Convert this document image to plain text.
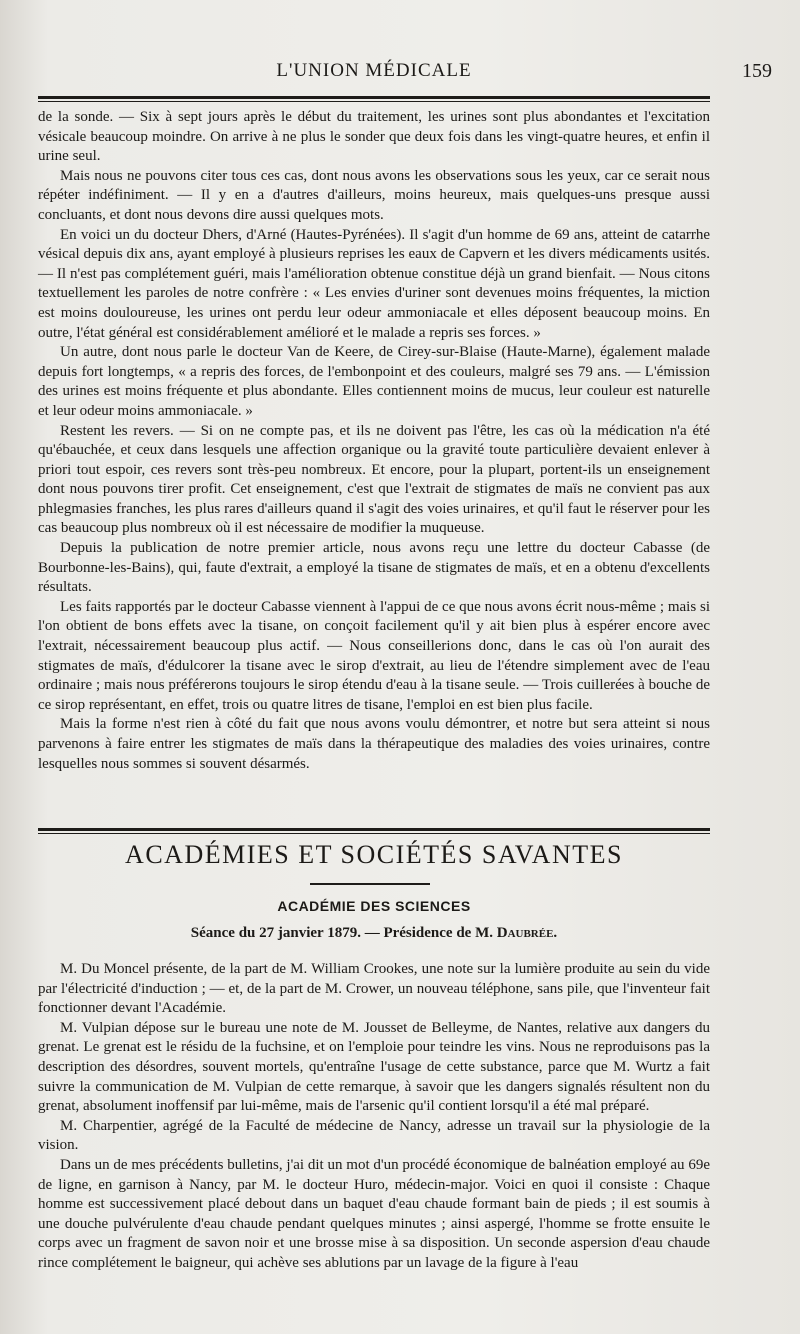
L'UNION MÉDICALE	159

de la sonde. — Six à sept jours après le début du traitement, les urines sont plus abondantes et l'excitation vésicale beaucoup moindre. On arrive à ne plus le sonder que deux fois dans les vingt-quatre heures, et enfin il urine seul.

Mais nous ne pouvons citer tous ces cas, dont nous avons les observations sous les yeux, car ce serait nous répéter indéfiniment. — Il y en a d'autres d'ailleurs, moins heureux, mais quelques-uns presque aussi concluants, et dont nous devons dire aussi quelques mots.

En voici un du docteur Dhers, d'Arné (Hautes-Pyrénées). Il s'agit d'un homme de 69 ans, atteint de catarrhe vésical depuis dix ans, ayant employé à plusieurs reprises les eaux de Capvern et les divers médicaments usités. — Il n'est pas complétement guéri, mais l'amélioration obtenue constitue déjà un grand bienfait. — Nous citons textuellement les paroles de notre confrère : « Les envies d'uriner sont devenues moins fréquentes, la miction est moins douloureuse, les urines ont perdu leur odeur ammoniacale et elles déposent beaucoup moins. En outre, l'état général est considérablement amélioré et le malade a repris ses forces. »

Un autre, dont nous parle le docteur Van de Keere, de Cirey-sur-Blaise (Haute-Marne), également malade depuis fort longtemps, « a repris des forces, de l'embonpoint et des couleurs, malgré ses 79 ans. — L'émission des urines est moins fréquente et plus abondante. Elles contiennent moins de mucus, leur couleur est naturelle et leur odeur moins ammoniacale. »

Restent les revers. — Si on ne compte pas, et ils ne doivent pas l'être, les cas où la médication n'a été qu'ébauchée, et ceux dans lesquels une affection organique ou la gravité toute particulière devaient enlever à priori tout espoir, ces revers sont très-peu nombreux. Et encore, pour la plupart, portent-ils un enseignement dont nous pouvons tirer profit. Cet enseignement, c'est que l'extrait de stigmates de maïs ne convient pas aux phlegmasies franches, les plus rares d'ailleurs quand il s'agit des voies urinaires, et qu'il faut le réserver pour les cas beaucoup plus nombreux où il est nécessaire de modifier la muqueuse.

Depuis la publication de notre premier article, nous avons reçu une lettre du docteur Cabasse (de Bourbonne-les-Bains), qui, faute d'extrait, a employé la tisane de stigmates de maïs, et en a obtenu d'excellents résultats.

Les faits rapportés par le docteur Cabasse viennent à l'appui de ce que nous avons écrit nous-même ; mais si l'on obtient de bons effets avec la tisane, on conçoit facilement qu'il y ait bien plus à espérer encore avec l'extrait, nécessairement beaucoup plus actif. — Nous conseillerions donc, dans le cas où l'on aurait des stigmates de maïs, d'édulcorer la tisane avec le sirop d'extrait, au lieu de l'étendre simplement avec de l'eau ordinaire ; mais nous préférerons toujours le sirop étendu d'eau à la tisane seule. — Trois cuillerées à bouche de ce sirop représentant, en effet, trois ou quatre litres de tisane, l'emploi en est bien plus facile.

Mais la forme n'est rien à côté du fait que nous avons voulu démontrer, et notre but sera atteint si nous parvenons à faire entrer les stigmates de maïs dans la thérapeutique des maladies des voies urinaires, contre lesquelles nous sommes si souvent désarmés.

ACADÉMIES ET SOCIÉTÉS SAVANTES
ACADÉMIE DES SCIENCES
Séance du 27 janvier 1879. — Présidence de M. Daubrée.

M. Du Moncel présente, de la part de M. William Crookes, une note sur la lumière produite au sein du vide par l'électricité d'induction ; — et, de la part de M. Crower, un nouveau téléphone, sans pile, que l'inventeur fait fonctionner devant l'Académie.

M. Vulpian dépose sur le bureau une note de M. Jousset de Belleyme, de Nantes, relative aux dangers du grenat. Le grenat est le résidu de la fuchsine, et on l'emploie pour teindre les vins. Nous ne reproduisons pas la description des désordres, souvent mortels, qu'entraîne l'usage de cette substance, parce que M. Wurtz a fait suivre la communication de M. Vulpian de cette remarque, à savoir que les dangers signalés résultent non du grenat, absolument inoffensif par lui-même, mais de l'arsenic qu'il contient lorsqu'il a été mal préparé.

M. Charpentier, agrégé de la Faculté de médecine de Nancy, adresse un travail sur la physiologie de la vision.

Dans un de mes précédents bulletins, j'ai dit un mot d'un procédé économique de balnéation employé au 69e de ligne, en garnison à Nancy, par M. le docteur Huro, médecin-major. Voici en quoi il consiste : Chaque homme est successivement placé debout dans un baquet d'eau chaude formant bain de pieds ; il est soumis à une douche pulvérulente d'eau chaude pendant quelques minutes ; ainsi aspergé, l'homme se frotte ensuite le corps avec un fragment de savon noir et une brosse mise à sa disposition. Un seconde aspersion d'eau chaude rince complétement le baigneur, qui achève ses ablutions par un lavage de la figure à l'eau
